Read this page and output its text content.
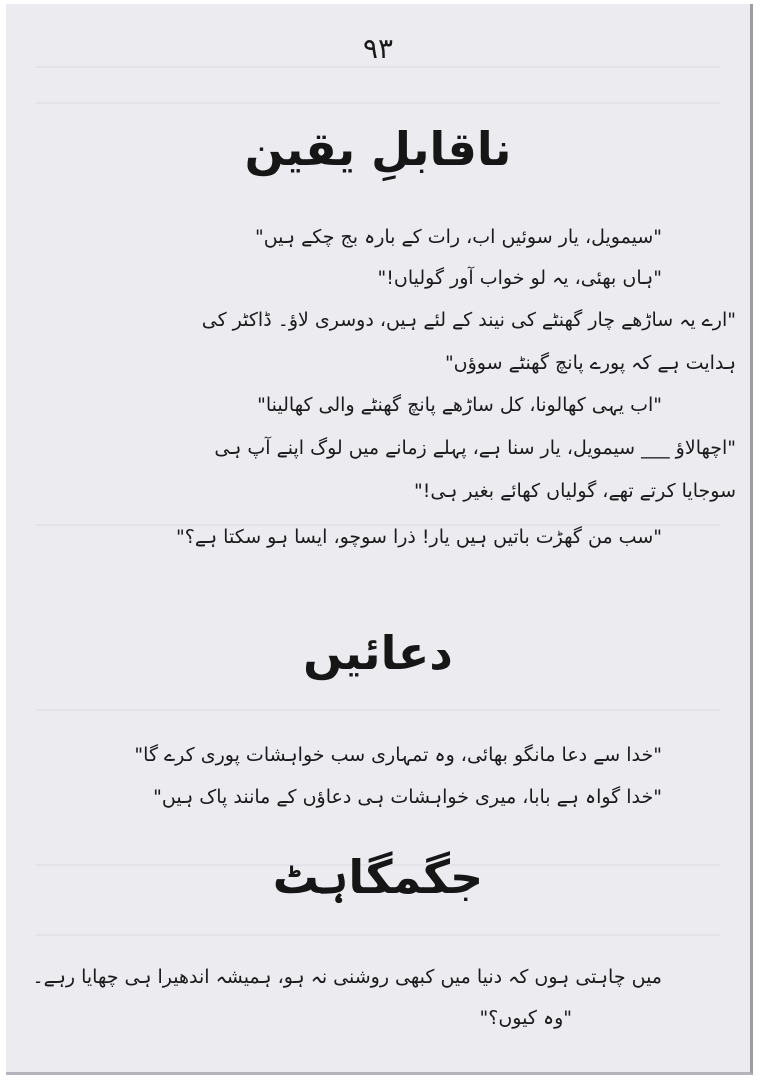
۹۳
ناقابلِ یقین
"سیمویل، یار سوئیں اب، رات کے بارہ بج چکے ہیں"
"ہاں بھئی، یہ لو خواب آور گولیاں!"
"ارے یہ ساڑھے چار گھنٹے کی نیند کے لئے ہیں، دوسری لاؤ۔ ڈاکٹر کی
ہدایت ہے کہ پورے پانچ گھنٹے سوؤں"
"اب یہی کھالونا، کل ساڑھے پانچ گھنٹے والی کھالینا"
"اچھالاؤ ___ سیمویل، یار سنا ہے، پہلے زمانے میں لوگ اپنے آپ ہی
سوجایا کرتے تھے، گولیاں کھائے بغیر ہی!"
"سب من گھڑت باتیں ہیں یار! ذرا سوچو، ایسا ہو سکتا ہے؟"
دعائیں
"خدا سے دعا مانگو بھائی، وہ تمہاری سب خواہشات پوری کرے گا"
"خدا گواہ ہے بابا، میری خواہشات ہی دعاؤں کے مانند پاک ہیں"
جگمگاہٹ
میں چاہتی ہوں کہ دنیا میں کبھی روشنی نہ ہو، ہمیشہ اندھیرا ہی چھایا رہے۔
"وہ کیوں؟"
